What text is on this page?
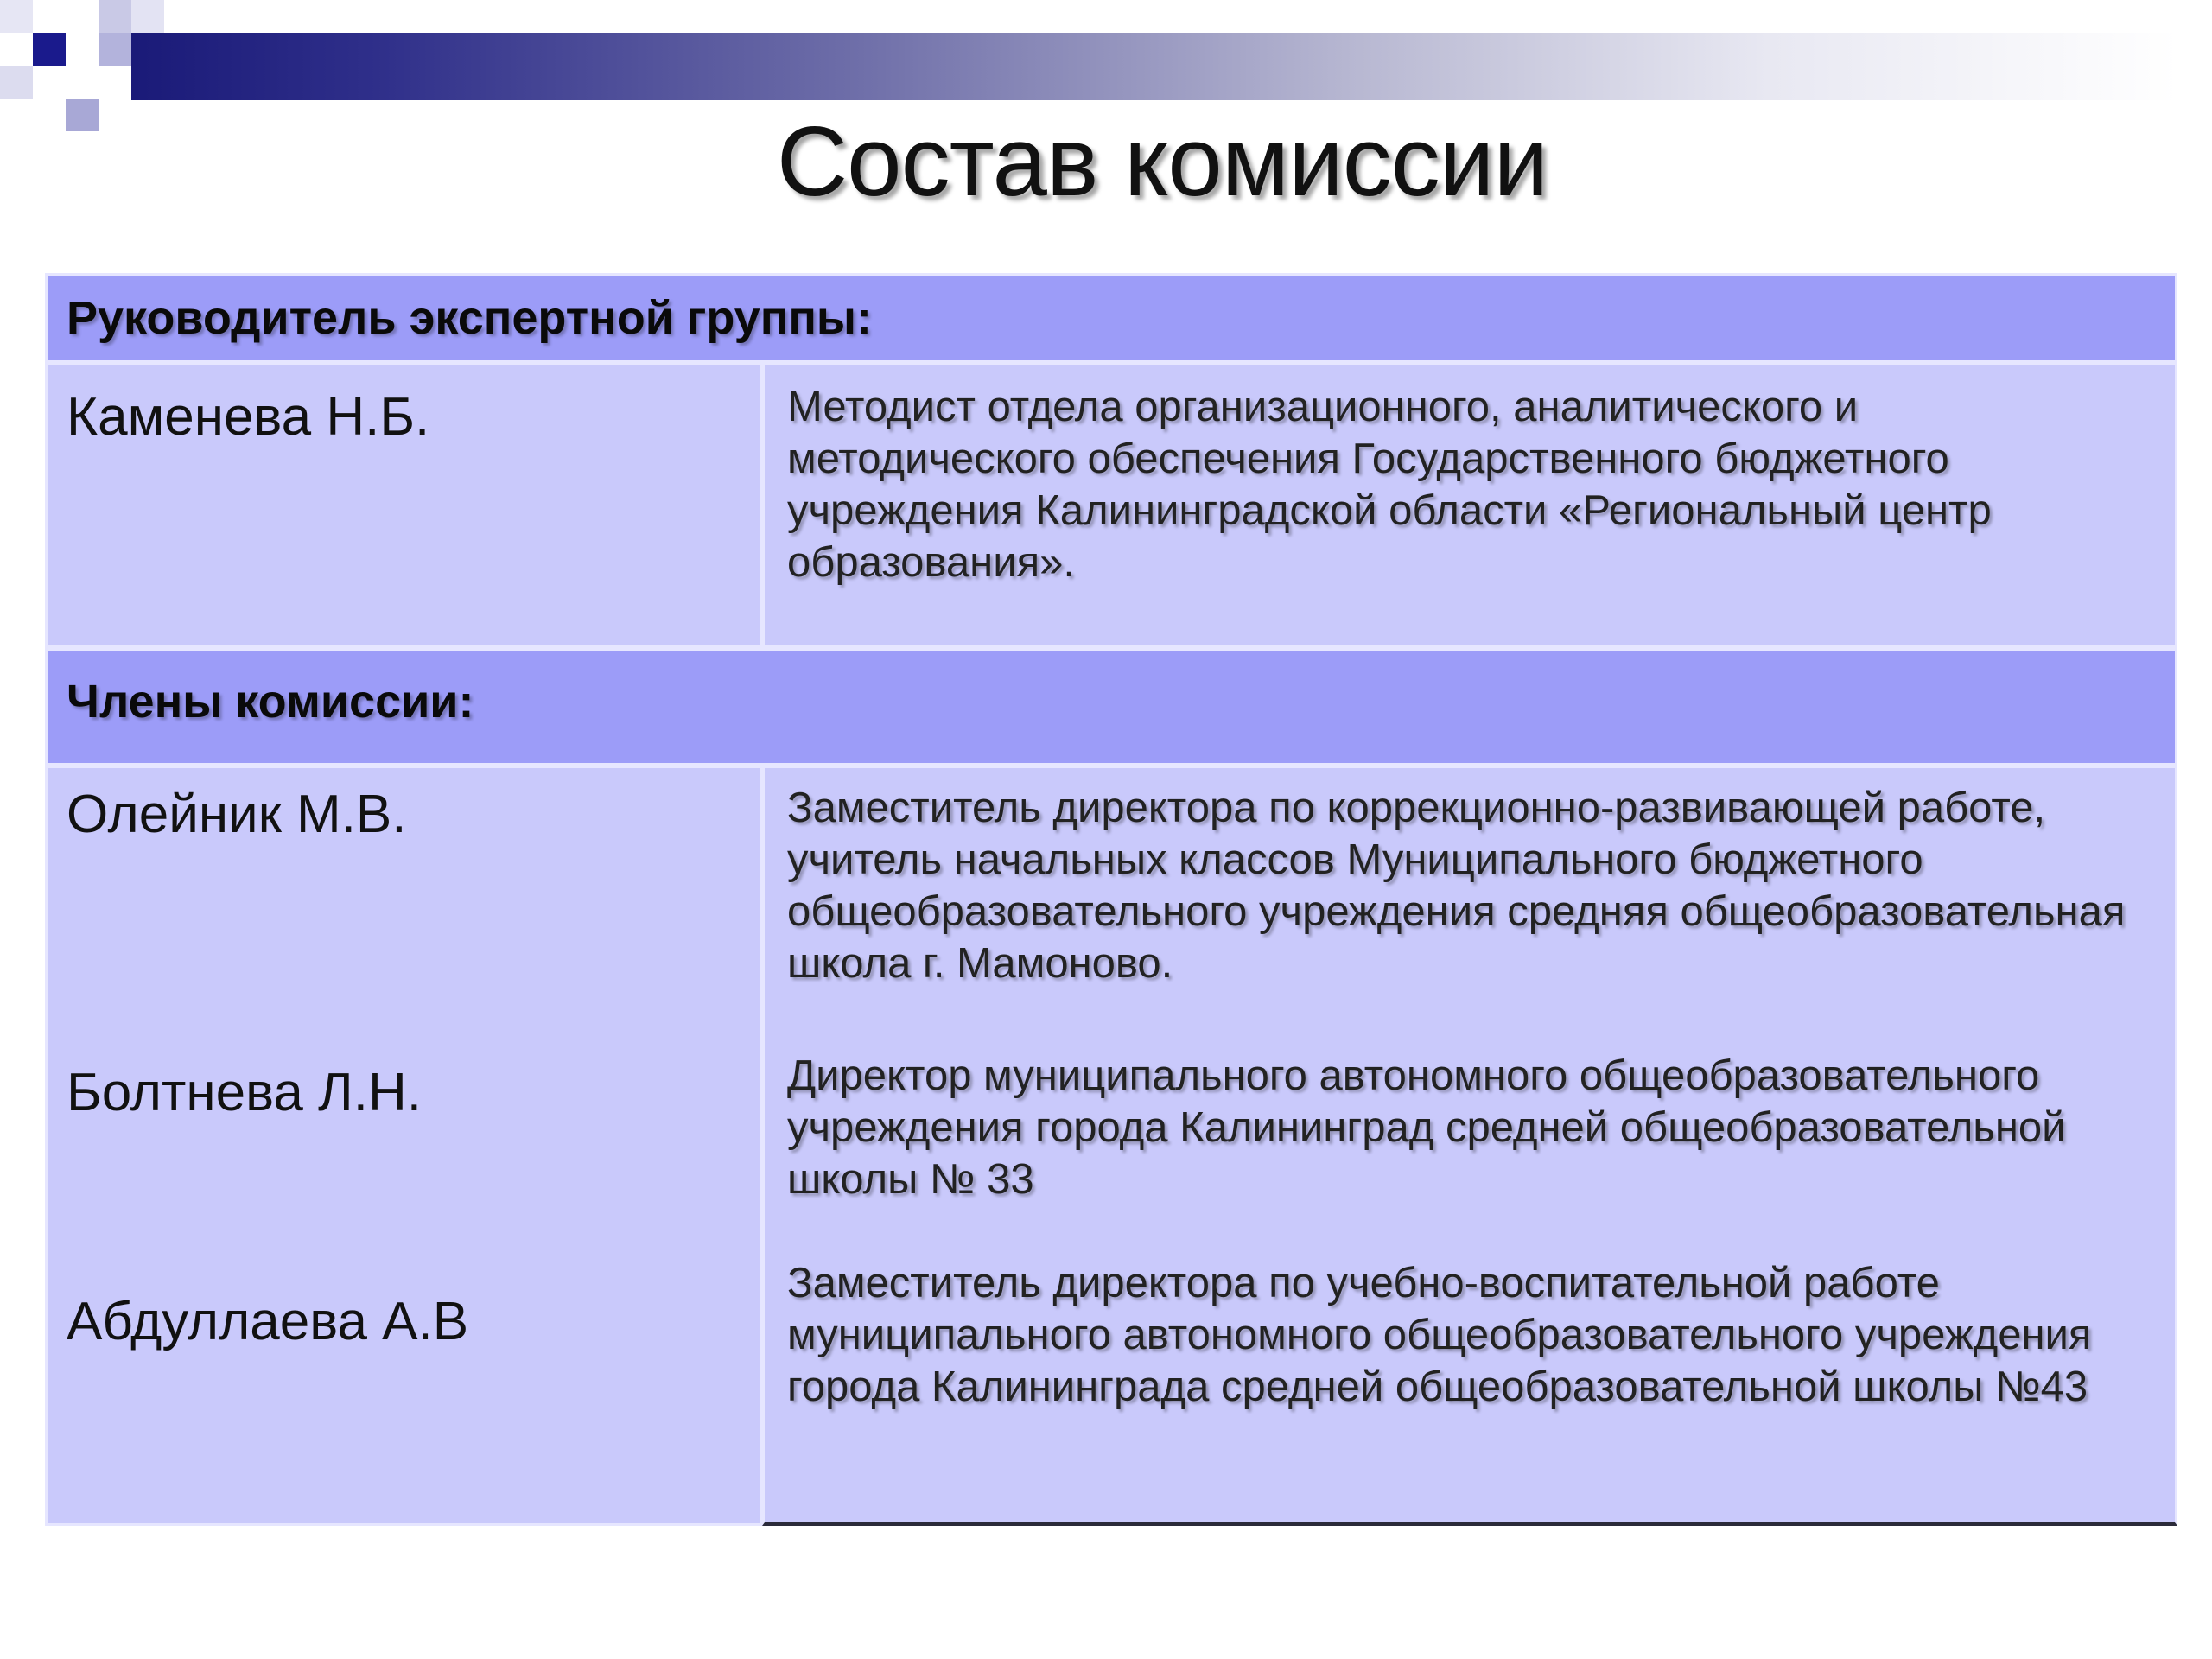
Состав комиссии
Руководитель экспертной группы:
Каменева Н.Б.	Методист отдела организационного, аналитического и методического обеспечения Государственного бюджетного учреждения Калининградской области «Региональный центр образования».
Члены комиссии:
Олейник М.В.
Болтнева Л.Н.
Абдуллаева А.В
Заместитель директора по коррекционно-развивающей работе, учитель начальных классов Муниципального бюджетного общеобразовательного учреждения средняя общеобразовательная школа г. Мамоново.
Директор муниципального автономного общеобразовательного учреждения города Калининград средней общеобразовательной школы № 33
Заместитель директора по учебно-воспитательной работе муниципального автономного общеобразовательного учреждения города Калининграда средней общеобразовательной школы №43
